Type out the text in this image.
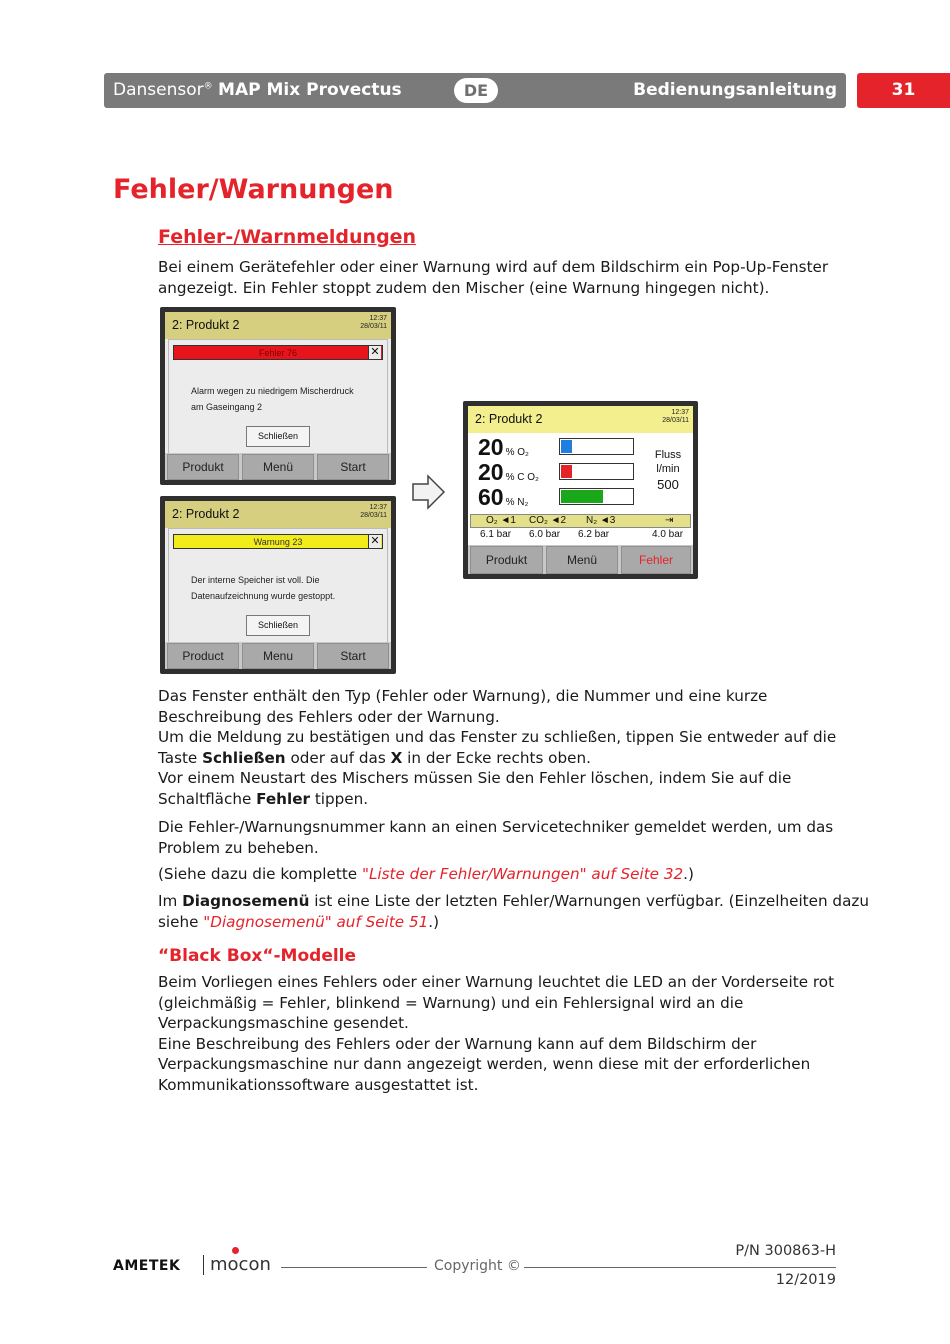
Dansensor® MAP Mix Provectus	DE	Bedienungsanleitung	31
Fehler/Warnungen
Fehler-/Warnmeldungen
Bei einem Gerätefehler oder einer Warnung wird auf dem Bildschirm ein Pop-Up-Fenster
angezeigt. Ein Fehler stoppt zudem den Mischer (eine Warnung hingegen nicht).
2: Produkt 2	12:37
28/03/11
Fehler 76	✕
Alarm wegen zu niedrigem Mischerdruck
am Gaseingang 2
Schließen
Produkt	Menü	Start
2: Produkt 2	12:37
28/03/11
Warnung 23	✕
Der interne Speicher ist voll. Die
Datenaufzeichnung wurde gestoppt.
Schließen
Product	Menu	Start
2: Produkt 2	12:37
28/03/11
20 % O₂
20 % C O₂
60 % N₂
Fluss
l/min
500
O₂ ◄1 CO₂ ◄2 N₂ ◄3	⇥
6.1 bar 6.0 bar 6.2 bar	4.0 bar
Produkt	Menü	Fehler
Das Fenster enthält den Typ (Fehler oder Warnung), die Nummer und eine kurze
Beschreibung des Fehlers oder der Warnung.
Um die Meldung zu bestätigen und das Fenster zu schließen, tippen Sie entweder auf die
Taste Schließen oder auf das X in der Ecke rechts oben.
Vor einem Neustart des Mischers müssen Sie den Fehler löschen, indem Sie auf die
Schaltfläche Fehler tippen.
Die Fehler-/Warnungsnummer kann an einen Servicetechniker gemeldet werden, um das
Problem zu beheben.
(Siehe dazu die komplette "Liste der Fehler/Warnungen" auf Seite 32.)
Im Diagnosemenü ist eine Liste der letzten Fehler/Warnungen verfügbar. (Einzelheiten dazu
siehe "Diagnosemenü" auf Seite 51.)
“Black Box“-Modelle
Beim Vorliegen eines Fehlers oder einer Warnung leuchtet die LED an der Vorderseite rot
(gleichmäßig = Fehler, blinkend = Warnung) und ein Fehlersignal wird an die
Verpackungsmaschine gesendet.
Eine Beschreibung des Fehlers oder der Warnung kann auf dem Bildschirm der
Verpackungsmaschine nur dann angezeigt werden, wenn diese mit der erforderlichen
Kommunikationssoftware ausgestattet ist.
AMETEK mocon	Copyright ©
P/N 300863-H
12/2019
